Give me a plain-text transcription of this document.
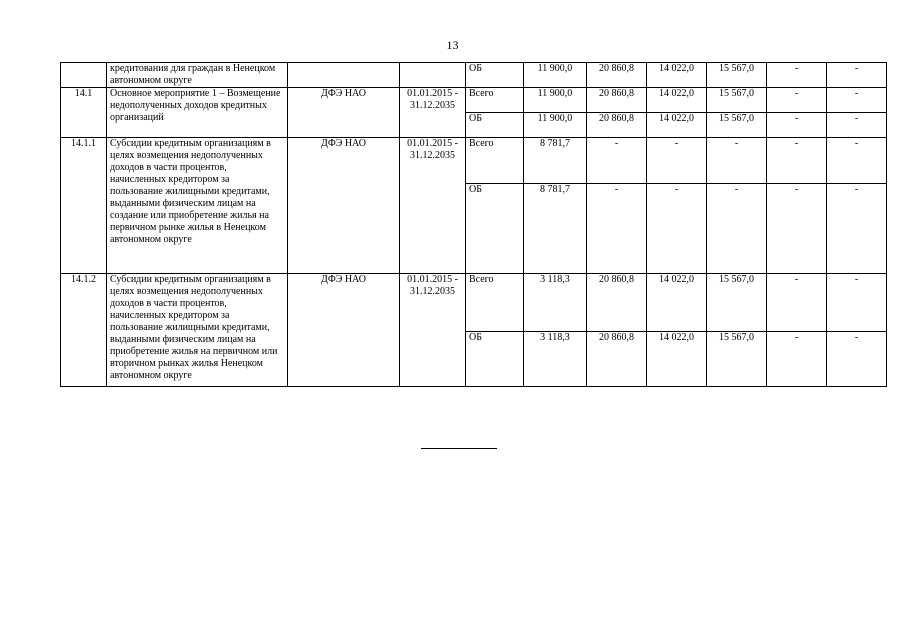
13
	кредитования для граждан в Ненецком автономном округе			ОБ	11 900,0	20 860,8	14 022,0	15 567,0	-	-
14.1	Основное мероприятие 1 – Возмещение недополученных доходов кредитных организаций	ДФЭ НАО	01.01.2015 - 31.12.2035	Всего	11 900,0	20 860,8	14 022,0	15 567,0	-	-
				ОБ	11 900,0	20 860,8	14 022,0	15 567,0	-	-
14.1.1	Субсидии кредитным организациям в целях возмещения недополученных доходов в части процентов, начисленных кредитором за пользование жилищными кредитами, выданными физическим лицам на создание или приобретение жилья на первичном рынке жилья в Ненецком автономном округе	ДФЭ НАО	01.01.2015 - 31.12.2035	Всего	8 781,7	-	-	-	-	-
				ОБ	8 781,7	-	-	-	-	-
14.1.2	Субсидии кредитным организациям в целях возмещения недополученных доходов в части процентов, начисленных кредитором за пользование жилищными кредитами, выданными физическим лицам на приобретение жилья на первичном или вторичном рынках жилья Ненецком автономном округе	ДФЭ НАО	01.01.2015 - 31.12.2035	Всего	3 118,3	20 860,8	14 022,0	15 567,0	-	-
				ОБ	3 118,3	20 860,8	14 022,0	15 567,0	-	-
